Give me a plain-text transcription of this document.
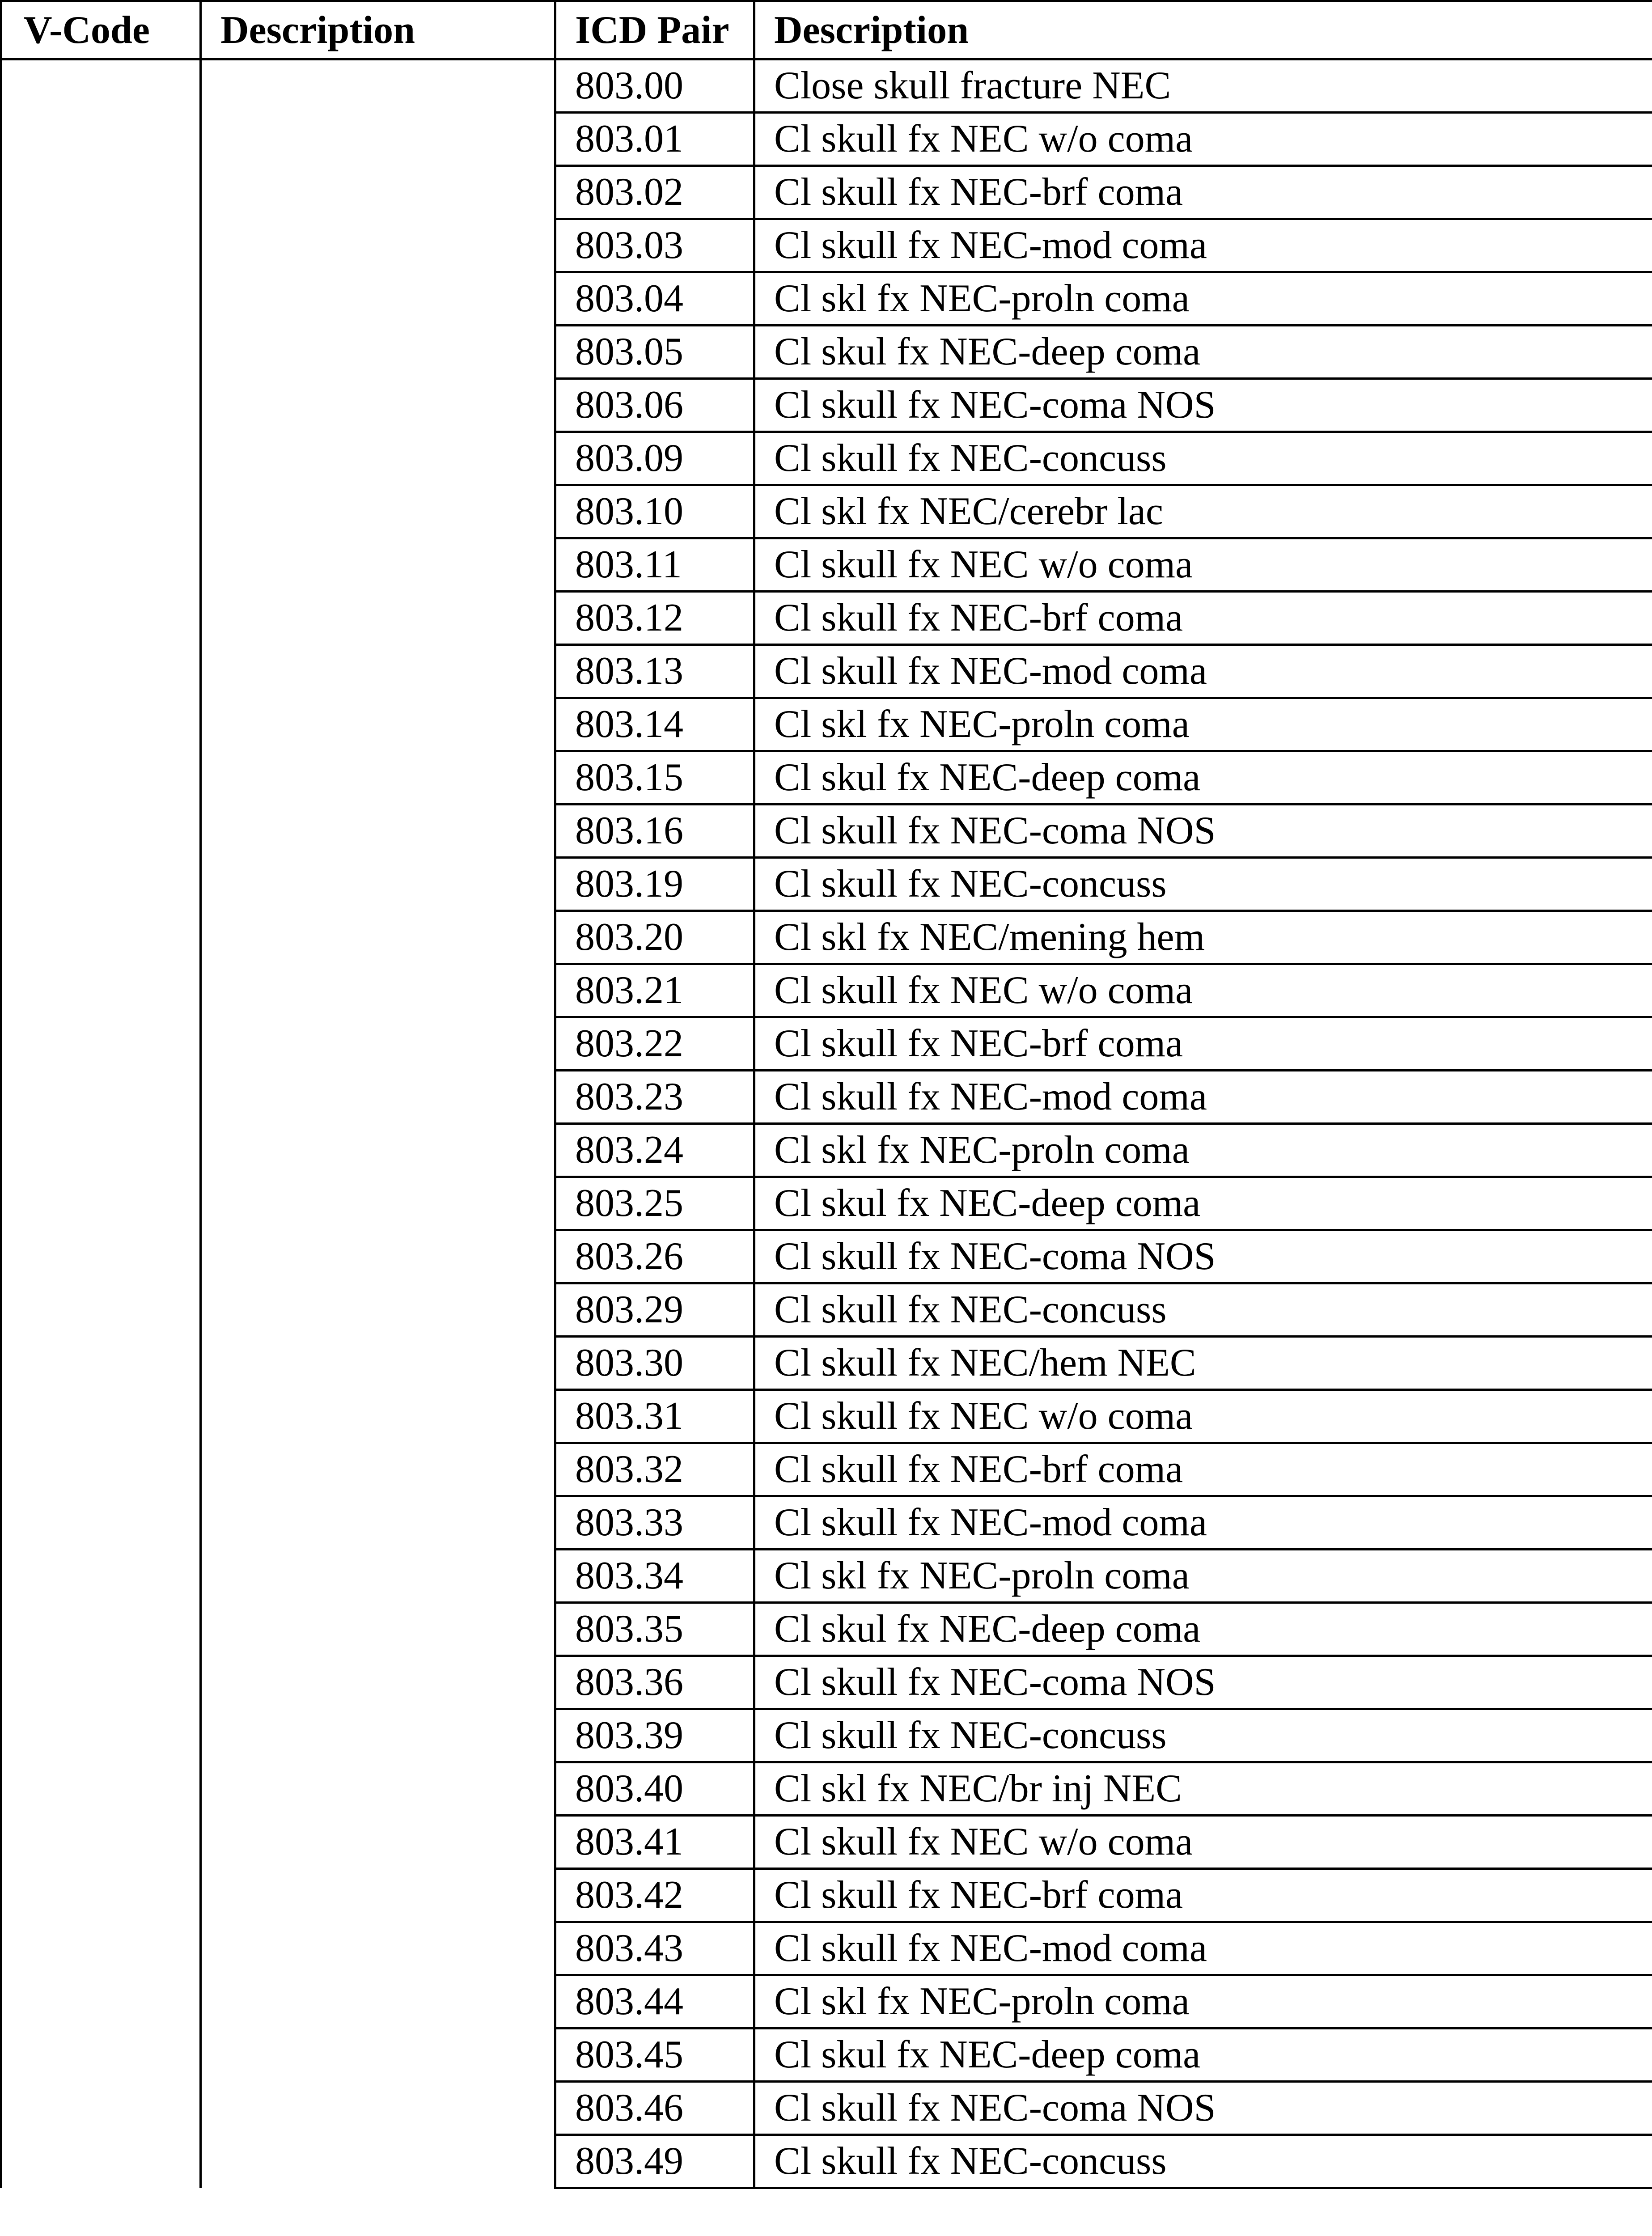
V-Code	Description	ICD Pair	Description
		803.00	Close skull fracture NEC
		803.01	Cl skull fx NEC w/o coma
		803.02	Cl skull fx NEC-brf coma
		803.03	Cl skull fx NEC-mod coma
		803.04	Cl skl fx NEC-proln coma
		803.05	Cl skul fx NEC-deep coma
		803.06	Cl skull fx NEC-coma NOS
		803.09	Cl skull fx NEC-concuss
		803.10	Cl skl fx NEC/cerebr lac
		803.11	Cl skull fx NEC w/o coma
		803.12	Cl skull fx NEC-brf coma
		803.13	Cl skull fx NEC-mod coma
		803.14	Cl skl fx NEC-proln coma
		803.15	Cl skul fx NEC-deep coma
		803.16	Cl skull fx NEC-coma NOS
		803.19	Cl skull fx NEC-concuss
		803.20	Cl skl fx NEC/mening hem
		803.21	Cl skull fx NEC w/o coma
		803.22	Cl skull fx NEC-brf coma
		803.23	Cl skull fx NEC-mod coma
		803.24	Cl skl fx NEC-proln coma
		803.25	Cl skul fx NEC-deep coma
		803.26	Cl skull fx NEC-coma NOS
		803.29	Cl skull fx NEC-concuss
		803.30	Cl skull fx NEC/hem NEC
		803.31	Cl skull fx NEC w/o coma
		803.32	Cl skull fx NEC-brf coma
		803.33	Cl skull fx NEC-mod coma
		803.34	Cl skl fx NEC-proln coma
		803.35	Cl skul fx NEC-deep coma
		803.36	Cl skull fx NEC-coma NOS
		803.39	Cl skull fx NEC-concuss
		803.40	Cl skl fx NEC/br inj NEC
		803.41	Cl skull fx NEC w/o coma
		803.42	Cl skull fx NEC-brf coma
		803.43	Cl skull fx NEC-mod coma
		803.44	Cl skl fx NEC-proln coma
		803.45	Cl skul fx NEC-deep coma
		803.46	Cl skull fx NEC-coma NOS
		803.49	Cl skull fx NEC-concuss
